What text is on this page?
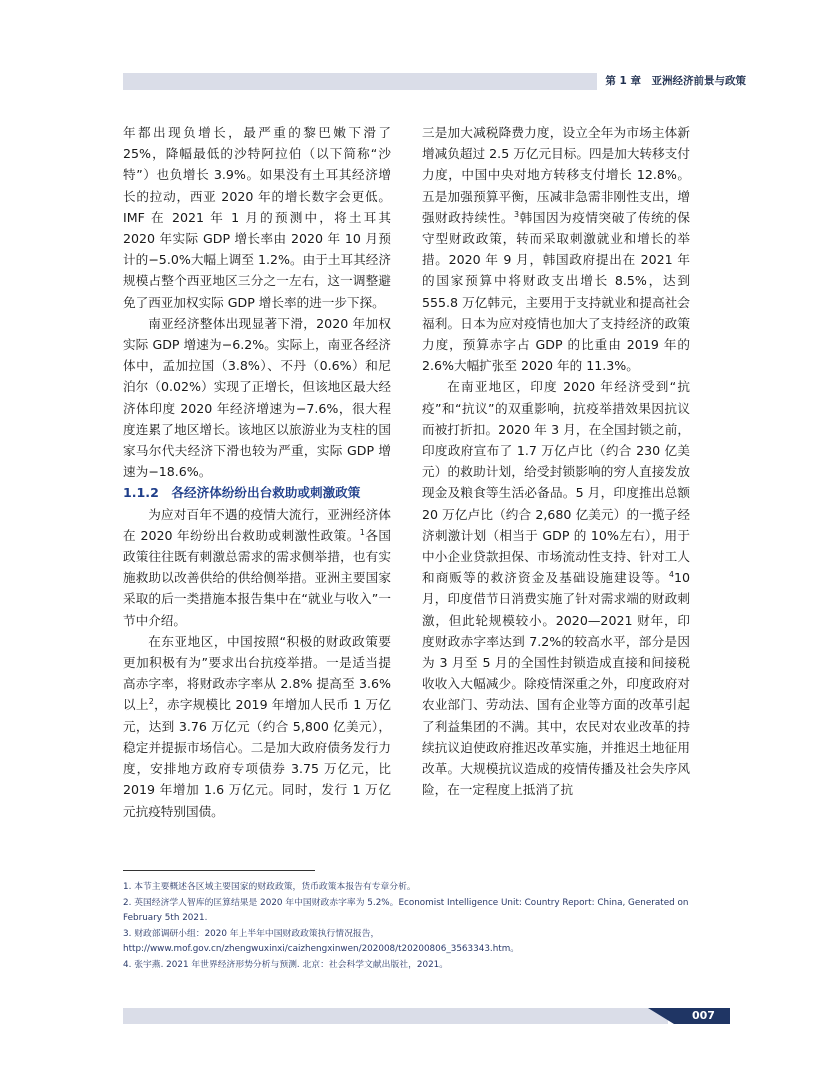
第 1 章　亚洲经济前景与政策

年都出现负增长，最严重的黎巴嫩下滑了 25%，降幅最低的沙特阿拉伯（以下简称“沙特”）也负增长 3.9%。如果没有土耳其经济增长的拉动，西亚 2020 年的增长数字会更低。IMF 在 2021 年 1 月的预测中，将土耳其 2020 年实际 GDP 增长率由 2020 年 10 月预计的−5.0%大幅上调至 1.2%。由于土耳其经济规模占整个西亚地区三分之一左右，这一调整避免了西亚加权实际 GDP 增长率的进一步下探。

南亚经济整体出现显著下滑，2020 年加权实际 GDP 增速为−6.2%。实际上，南亚各经济体中，孟加拉国（3.8%）、不丹（0.6%）和尼泊尔（0.02%）实现了正增长，但该地区最大经济体印度 2020 年经济增速为−7.6%，很大程度连累了地区增长。该地区以旅游业为支柱的国家马尔代夫经济下滑也较为严重，实际 GDP 增速为−18.6%。

1.1.2　各经济体纷纷出台救助或刺激政策

为应对百年不遇的疫情大流行，亚洲经济体在 2020 年纷纷出台救助或刺激性政策。$^1$各国政策往往既有刺激总需求的需求侧举措，也有实施救助以改善供给的供给侧举措。亚洲主要国家采取的后一类措施本报告集中在“就业与收入”一节中介绍。

在东亚地区，中国按照“积极的财政政策要更加积极有为”要求出台抗疫举措。一是适当提高赤字率，将财政赤字率从 2.8% 提高至 3.6%以上$^2$，赤字规模比 2019 年增加人民币 1 万亿元，达到 3.76 万亿元（约合 5,800 亿美元），稳定并提振市场信心。二是加大政府债务发行力度，安排地方政府专项债券 3.75 万亿元，比 2019 年增加 1.6 万亿元。同时，发行 1 万亿元抗疫特别国债。

三是加大减税降费力度，设立全年为市场主体新增减负超过 2.5 万亿元目标。四是加大转移支付力度，中国中央对地方转移支付增长 12.8%。五是加强预算平衡，压减非急需非刚性支出，增强财政持续性。$^3$韩国因为疫情突破了传统的保守型财政政策，转而采取刺激就业和增长的举措。2020 年 9 月，韩国政府提出在 2021 年的国家预算中将财政支出增长 8.5%，达到 555.8 万亿韩元，主要用于支持就业和提高社会福利。日本为应对疫情也加大了支持经济的政策力度，预算赤字占 GDP 的比重由 2019 年的 2.6%大幅扩张至 2020 年的 11.3%。

在南亚地区，印度 2020 年经济受到“抗疫”和“抗议”的双重影响，抗疫举措效果因抗议而被打折扣。2020 年 3 月，在全国封锁之前，印度政府宣布了 1.7 万亿卢比（约合 230 亿美元）的救助计划，给受封锁影响的穷人直接发放现金及粮食等生活必备品。5 月，印度推出总额 20 万亿卢比（约合 2,680 亿美元）的一揽子经济刺激计划（相当于 GDP 的 10%左右），用于中小企业贷款担保、市场流动性支持、针对工人和商贩等的救济资金及基础设施建设等。$^4$10 月，印度借节日消费实施了针对需求端的财政刺激，但此轮规模较小。2020—2021 财年，印度财政赤字率达到 7.2%的较高水平，部分是因为 3 月至 5 月的全国性封锁造成直接和间接税收收入大幅减少。除疫情深重之外，印度政府对农业部门、劳动法、国有企业等方面的改革引起了利益集团的不满。其中，农民对农业改革的持续抗议迫使政府推迟改革实施，并推迟土地征用改革。大规模抗议造成的疫情传播及社会失序风险，在一定程度上抵消了抗

1. 本节主要概述各区域主要国家的财政政策，货币政策本报告有专章分析。

2. 英国经济学人智库的匡算结果是 2020 年中国财政赤字率为 5.2%。Economist Intelligence Unit: Country Report: China, Generated on February 5th 2021.

3. 财政部调研小组：2020 年上半年中国财政政策执行情况报告，http://www.mof.gov.cn/zhengwuxinxi/caizhengxinwen/202008/t20200806_3563343.htm。

4. 张宇燕. 2021 年世界经济形势分析与预测. 北京：社会科学文献出版社，2021。

007
